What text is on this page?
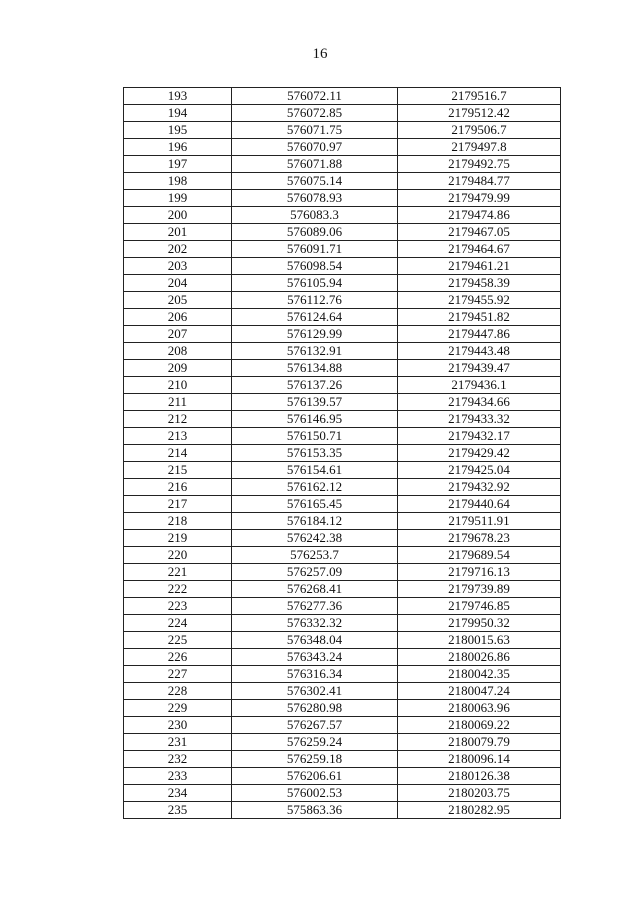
16
193	576072.11	2179516.7
194	576072.85	2179512.42
195	576071.75	2179506.7
196	576070.97	2179497.8
197	576071.88	2179492.75
198	576075.14	2179484.77
199	576078.93	2179479.99
200	576083.3	2179474.86
201	576089.06	2179467.05
202	576091.71	2179464.67
203	576098.54	2179461.21
204	576105.94	2179458.39
205	576112.76	2179455.92
206	576124.64	2179451.82
207	576129.99	2179447.86
208	576132.91	2179443.48
209	576134.88	2179439.47
210	576137.26	2179436.1
211	576139.57	2179434.66
212	576146.95	2179433.32
213	576150.71	2179432.17
214	576153.35	2179429.42
215	576154.61	2179425.04
216	576162.12	2179432.92
217	576165.45	2179440.64
218	576184.12	2179511.91
219	576242.38	2179678.23
220	576253.7	2179689.54
221	576257.09	2179716.13
222	576268.41	2179739.89
223	576277.36	2179746.85
224	576332.32	2179950.32
225	576348.04	2180015.63
226	576343.24	2180026.86
227	576316.34	2180042.35
228	576302.41	2180047.24
229	576280.98	2180063.96
230	576267.57	2180069.22
231	576259.24	2180079.79
232	576259.18	2180096.14
233	576206.61	2180126.38
234	576002.53	2180203.75
235	575863.36	2180282.95
